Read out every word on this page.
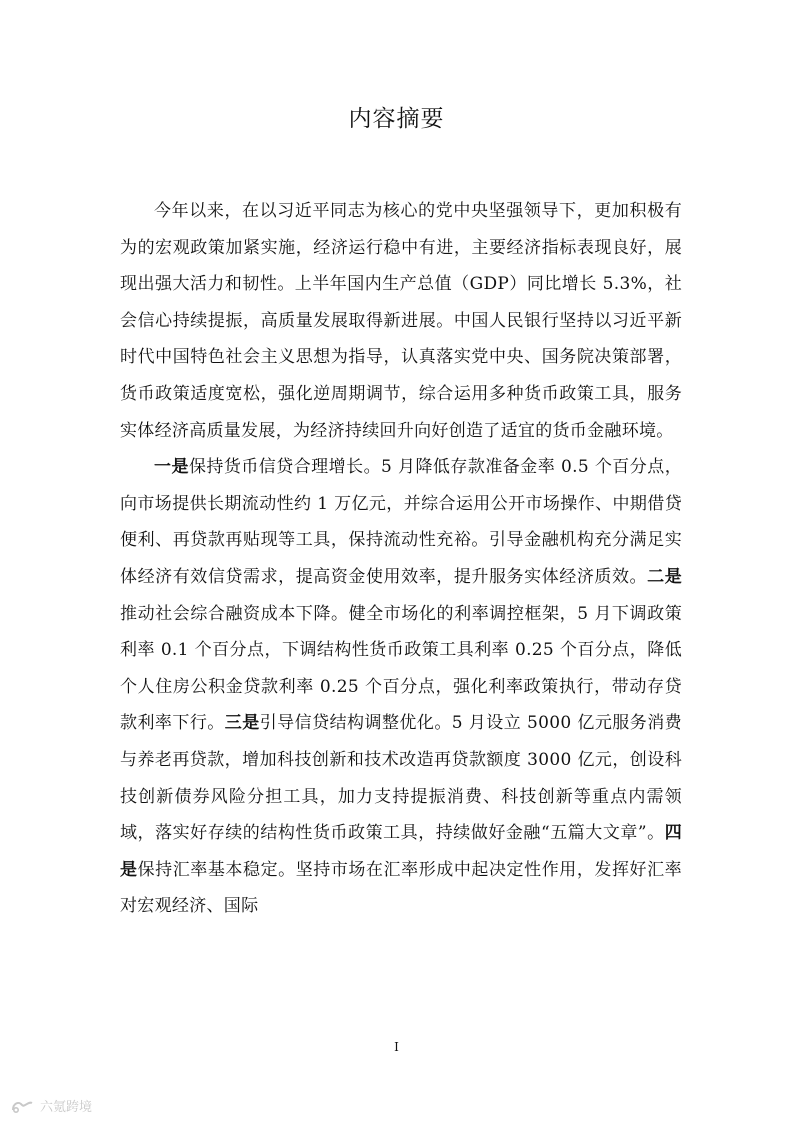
内容摘要

今年以来，在以习近平同志为核心的党中央坚强领导下，更加积极有为的宏观政策加紧实施，经济运行稳中有进，主要经济指标表现良好，展现出强大活力和韧性。上半年国内生产总值（GDP）同比增长 5.3%，社会信心持续提振，高质量发展取得新进展。中国人民银行坚持以习近平新时代中国特色社会主义思想为指导，认真落实党中央、国务院决策部署，货币政策适度宽松，强化逆周期调节，综合运用多种货币政策工具，服务实体经济高质量发展，为经济持续回升向好创造了适宜的货币金融环境。

一是保持货币信贷合理增长。5 月降低存款准备金率 0.5 个百分点，向市场提供长期流动性约 1 万亿元，并综合运用公开市场操作、中期借贷便利、再贷款再贴现等工具，保持流动性充裕。引导金融机构充分满足实体经济有效信贷需求，提高资金使用效率，提升服务实体经济质效。二是推动社会综合融资成本下降。健全市场化的利率调控框架，5 月下调政策利率 0.1 个百分点，下调结构性货币政策工具利率 0.25 个百分点，降低个人住房公积金贷款利率 0.25 个百分点，强化利率政策执行，带动存贷款利率下行。三是引导信贷结构调整优化。5 月设立 5000 亿元服务消费与养老再贷款，增加科技创新和技术改造再贷款额度 3000 亿元，创设科技创新债券风险分担工具，加力支持提振消费、科技创新等重点内需领域，落实好存续的结构性货币政策工具，持续做好金融“五篇大文章”。四是保持汇率基本稳定。坚持市场在汇率形成中起决定性作用，发挥好汇率对宏观经济、国际

I
六氪跨境
